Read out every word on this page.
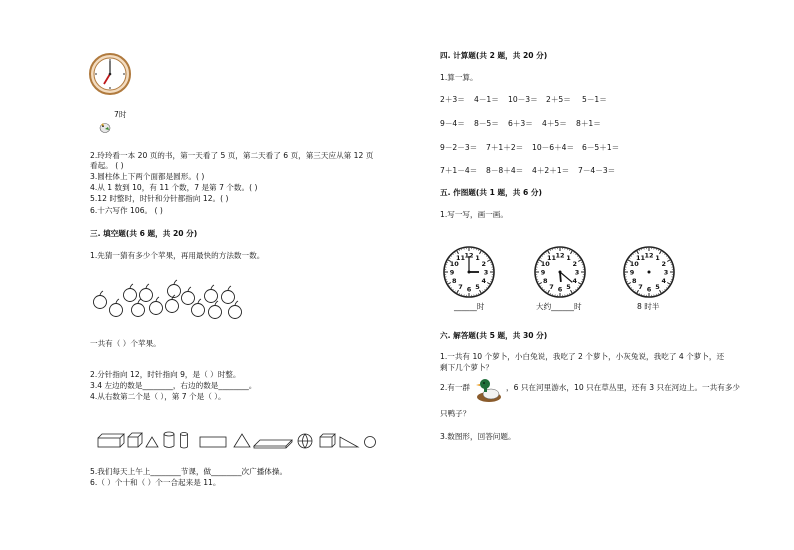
7时
2.玲玲看一本 20 页的书，第一天看了 5 页，第二天看了 6 页，第三天应从第 12 页
看起。 ( )
3.圆柱体上下两个面都是圆形。( )
4.从 1 数到 10，有 11 个数，7 是第 7 个数。( )
5.12 时整时，时针和分针都指向 12。( )
6.十六写作 106。 ( )
三. 填空题(共 6 题，共 20 分)
1.先猜一猜有多少个苹果，再用最快的方法数一数。
一共有（ ）个苹果。
2.分针指向 12，时针指向 9，是（ ）时整。
3.4 左边的数是________，右边的数是________。
4.从右数第二个是（ ），第 7 个是（ ）。
5.我们每天上午上________节课，做________次广播体操。
6.（ ）个十和（ ）个一合起来是 11。
四. 计算题(共 2 题，共 20 分)
1.算一算。
2＋3＝ 4－1＝ 10－3＝ 2＋5＝ 5－1＝
9－4＝ 8－5＝ 6＋3＝ 4＋5＝ 8＋1＝
9－2－3＝ 7＋1＋2＝ 10－6＋4＝ 6－5＋1＝
7＋1－4＝ 8－8＋4＝ 4＋2＋1＝ 7－4－3＝
五. 作图题(共 1 题，共 6 分)
1.写一写，画一画。
12 1
2
3
4
5
6
7
8
9
10
11	12 1
2
3
4
5
6
7
8
9
10
11	12 1
2
3
4
5
6
7
8
9
10
11
______时	大约______时	8 时半
六. 解答题(共 5 题，共 30 分)
1.一共有 10 个萝卜，小白兔说，我吃了 2 个萝卜，小灰兔说，我吃了 4 个萝卜，还
剩下几个萝卜？
2.有一群	，6 只在河里游水，10 只在草丛里，还有 3 只在河边上。一共有多少
只鸭子？
3.数图形，回答问题。
